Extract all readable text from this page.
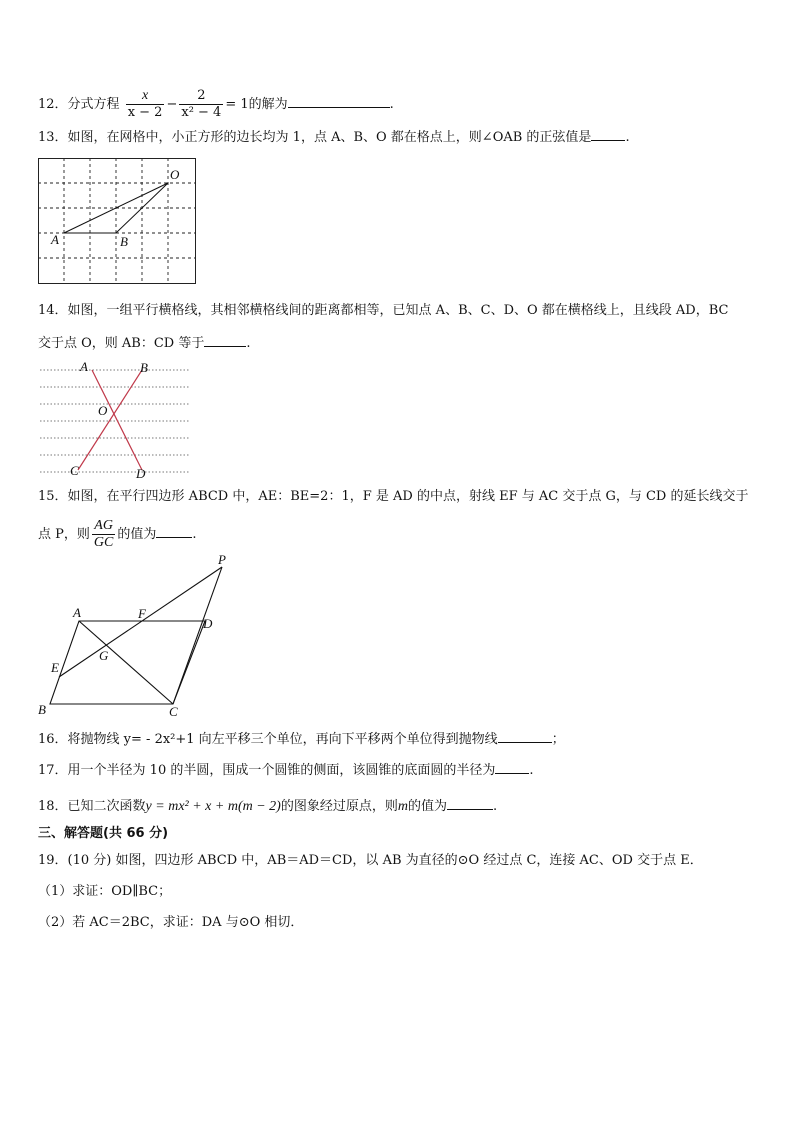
12．分式方程 $\frac{x}{x - 2} - \frac{2}{\text{x² − 4}} = 1$的解为	.
13．如图，在网格中，小正方形的边长均为 1，点 A、B、O 都在格点上，则∠OAB 的正弦值是	.
O
A	B
14．如图，一组平行横格线，其相邻横格线间的距离都相等，已知点 A、B、C、D、O 都在横格线上，且线段 AD，BC
交于点 O，则 AB：CD 等于	.
A	B
O
C	D
15．如图，在平行四边形 ABCD 中，AE：BE=2：1，F 是 AD 的中点，射线 EF 与 AC 交于点 G，与 CD 的延长线交于
点 P，则 $\frac{AG}{GC}$ 的值为	.
P
A	F
D
E
G
B	C
16．将抛物线 y= - 2x²+1 向左平移三个单位，再向下平移两个单位得到抛物线	；
17．用一个半径为 10 的半圆，围成一个圆锥的侧面，该圆锥的底面圆的半径为	.
18．已知二次函数y = mx² + x + m(m − 2)的图象经过原点，则m的值为	.
三、解答题(共 66 分)
19．(10 分) 如图，四边形 ABCD 中，AB＝AD＝CD，以 AB 为直径的⊙O 经过点 C，连接 AC、OD 交于点 E．
（1）求证：OD∥BC；
（2）若 AC＝2BC，求证：DA 与⊙O 相切．
